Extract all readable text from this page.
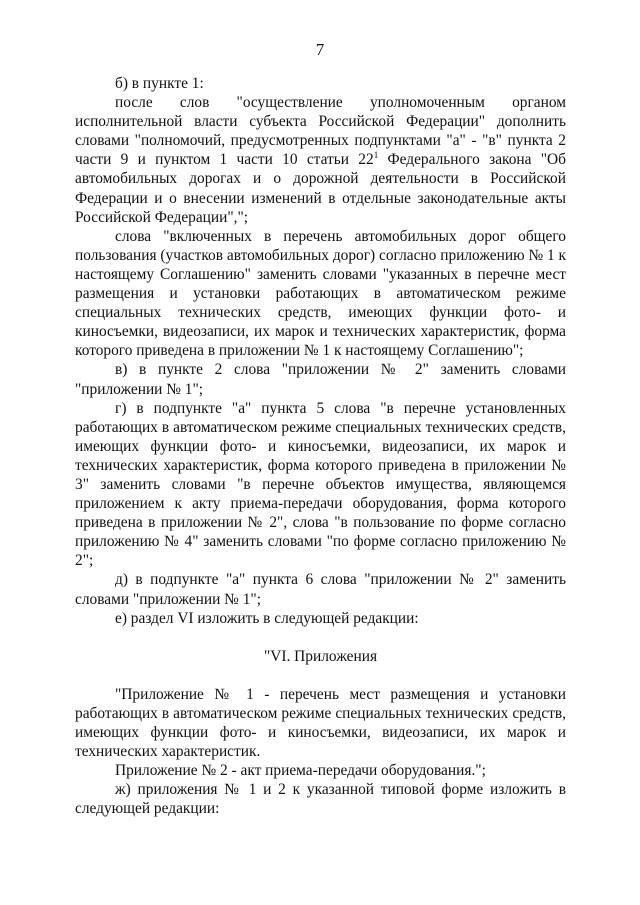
7

б) в пункте 1:

после слов "осуществление уполномоченным органом исполнительной власти субъекта Российской Федерации" дополнить словами "полномочий, предусмотренных подпунктами "а" - "в" пункта 2 части 9 и пунктом 1 части 10 статьи $22^1$ Федерального закона "Об автомобильных дорогах и о дорожной деятельности в Российской Федерации и о внесении изменений в отдельные законодательные акты Российской Федерации",";

слова "включенных в перечень автомобильных дорог общего пользования (участков автомобильных дорог) согласно приложению № 1 к настоящему Соглашению" заменить словами "указанных в перечне мест размещения и установки работающих в автоматическом режиме специальных технических средств, имеющих функции фото- и киносъемки, видеозаписи, их марок и технических характеристик, форма которого приведена в приложении № 1 к настоящему Соглашению";

в) в пункте 2 слова "приложении № 2" заменить словами "приложении № 1";

г) в подпункте "а" пункта 5 слова "в перечне установленных работающих в автоматическом режиме специальных технических средств, имеющих функции фото- и киносъемки, видеозаписи, их марок и технических характеристик, форма которого приведена в приложении № 3" заменить словами "в перечне объектов имущества, являющемся приложением к акту приема-передачи оборудования, форма которого приведена в приложении № 2", слова "в пользование по форме согласно приложению № 4" заменить словами "по форме согласно приложению № 2";

д) в подпункте "а" пункта 6 слова "приложении № 2" заменить словами "приложении № 1";

е) раздел VI изложить в следующей редакции:

"VI. Приложения

"Приложение № 1 - перечень мест размещения и установки работающих в автоматическом режиме специальных технических средств, имеющих функции фото- и киносъемки, видеозаписи, их марок и технических характеристик.

Приложение № 2 - акт приема-передачи оборудования.";

ж) приложения № 1 и 2 к указанной типовой форме изложить в следующей редакции:
